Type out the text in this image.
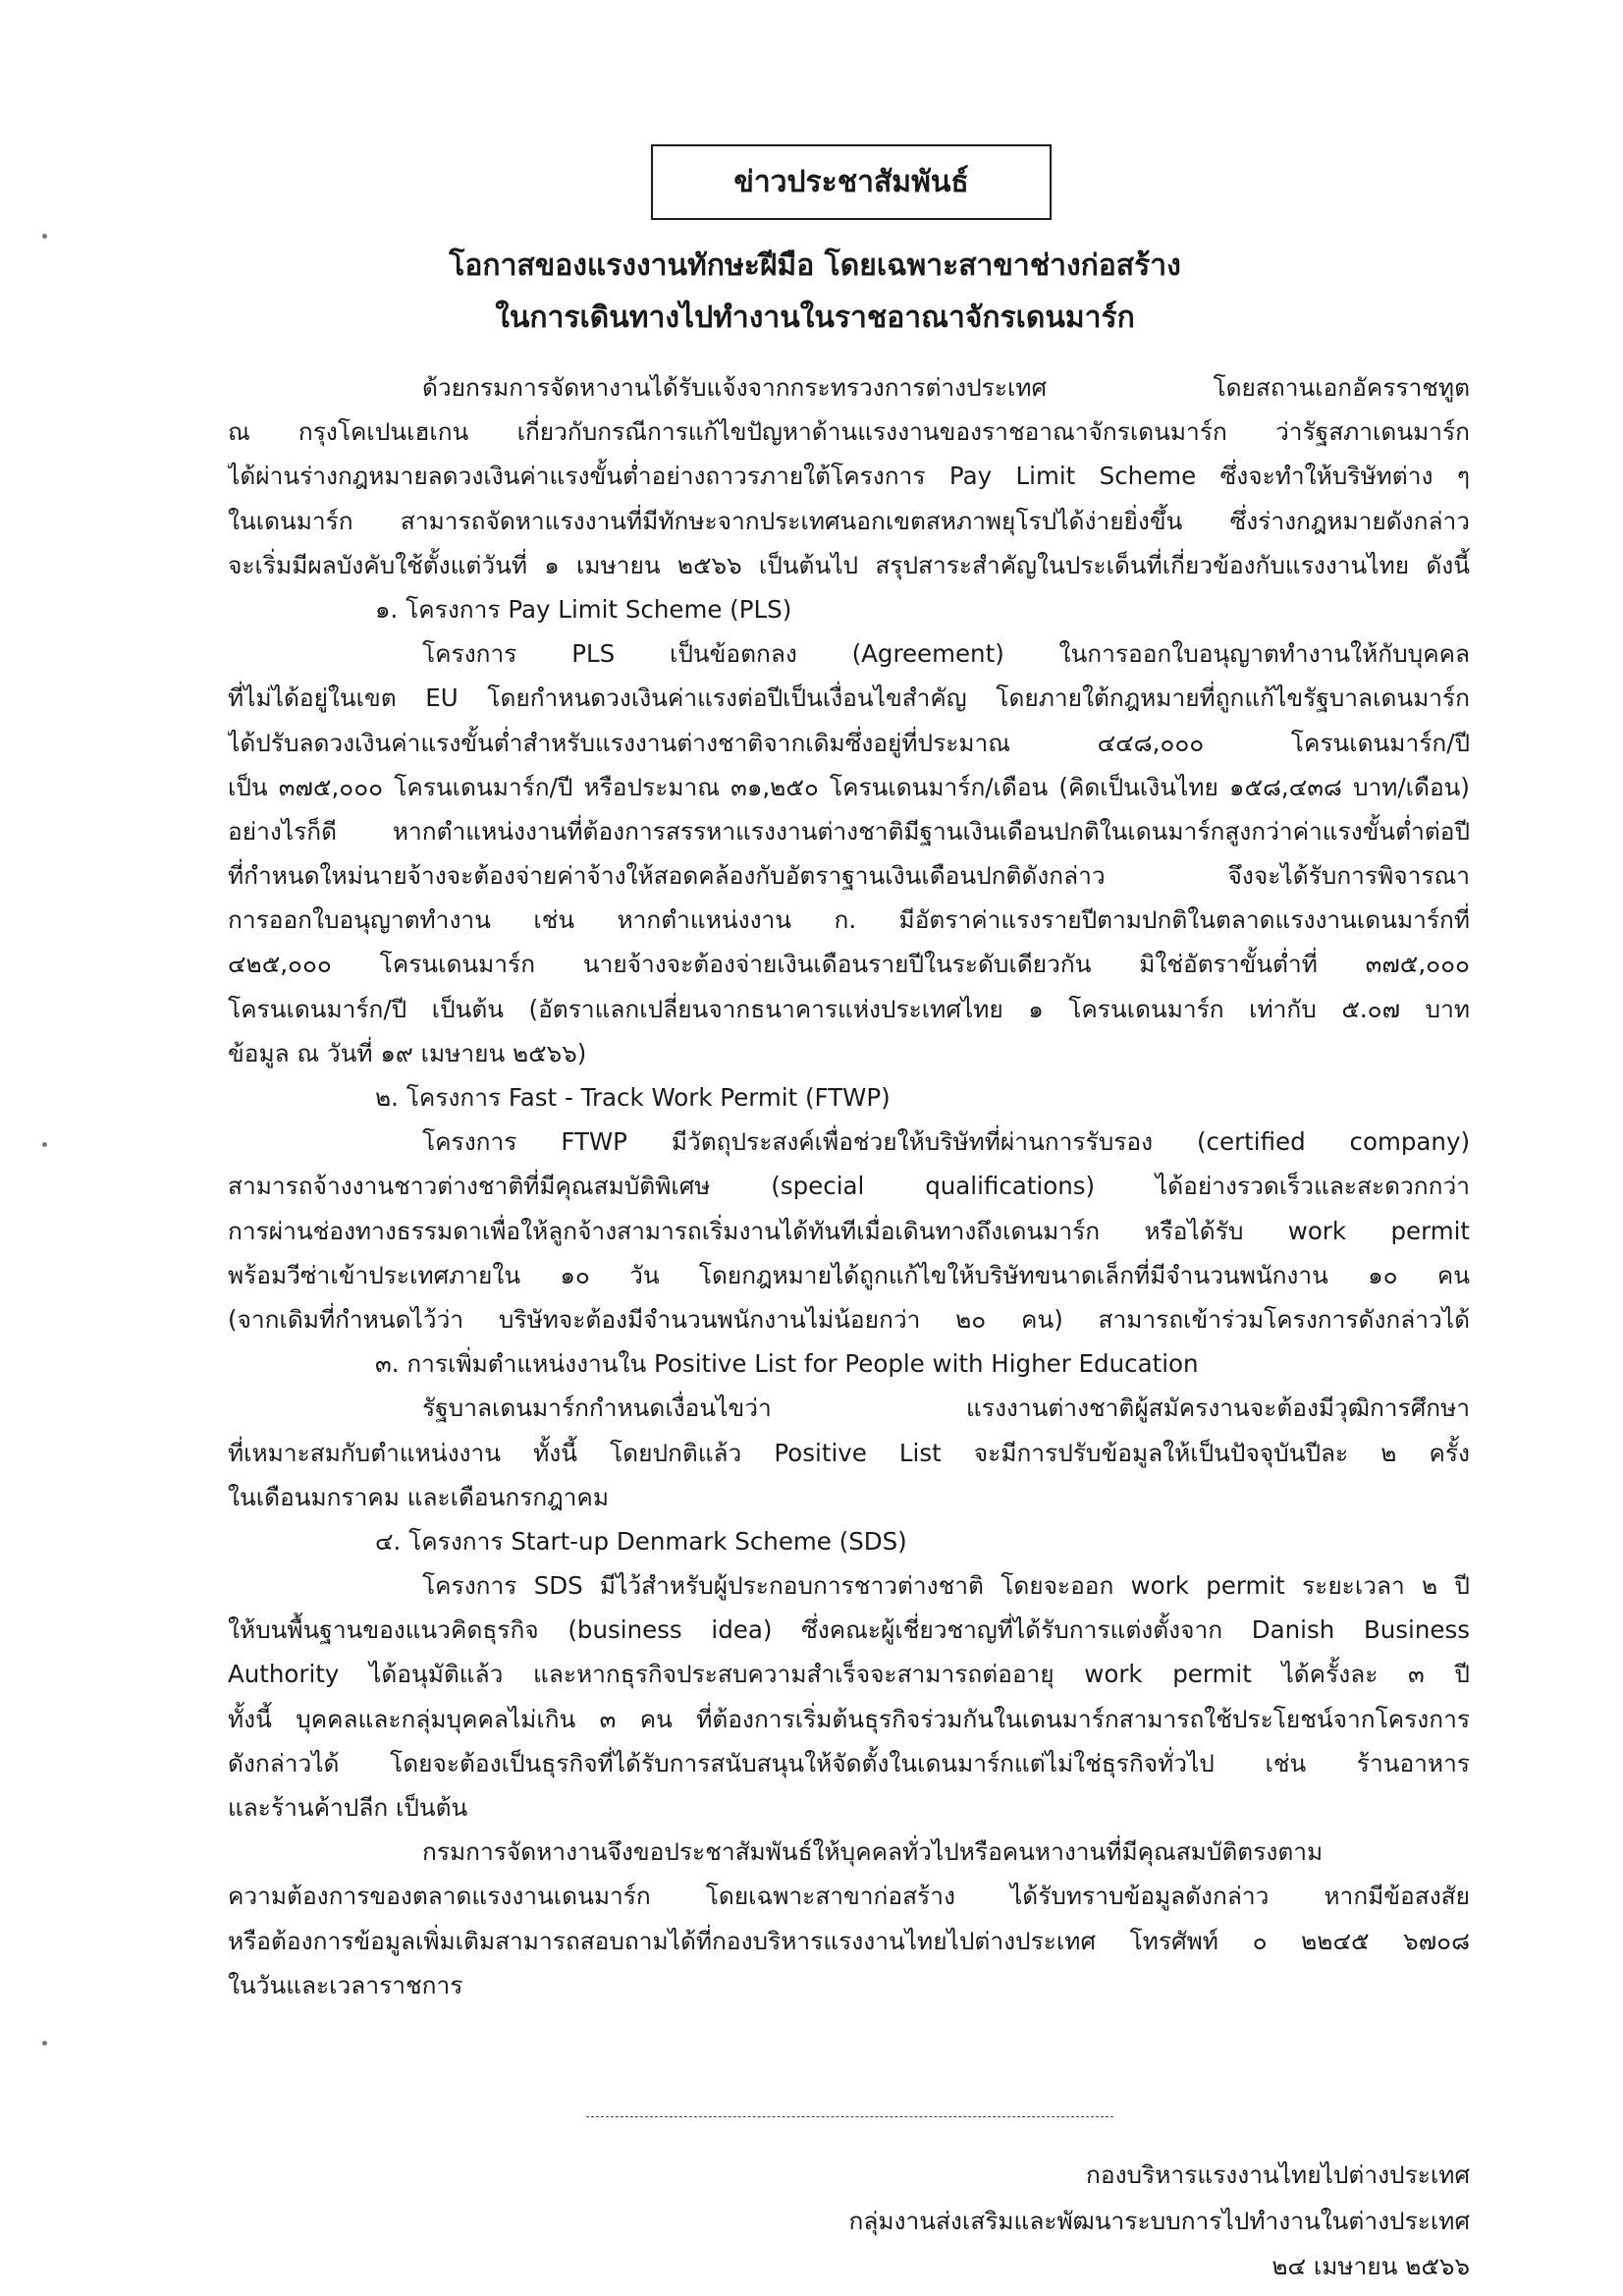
ข่าวประชาสัมพันธ์
โอกาสของแรงงานทักษะฝีมือ โดยเฉพาะสาขาช่างก่อสร้าง
ในการเดินทางไปทำงานในราชอาณาจักรเดนมาร์ก
ด้วยกรมการจัดหางานได้รับแจ้งจากกระทรวงการต่างประเทศ โดยสถานเอกอัครราชทูต
ณ กรุงโคเปนเฮเกน เกี่ยวกับกรณีการแก้ไขปัญหาด้านแรงงานของราชอาณาจักรเดนมาร์ก ว่ารัฐสภาเดนมาร์ก
ได้ผ่านร่างกฎหมายลดวงเงินค่าแรงขั้นต่ำอย่างถาวรภายใต้โครงการ Pay Limit Scheme ซึ่งจะทำให้บริษัทต่าง ๆ
ในเดนมาร์ก สามารถจัดหาแรงงานที่มีทักษะจากประเทศนอกเขตสหภาพยุโรปได้ง่ายยิ่งขึ้น ซึ่งร่างกฎหมายดังกล่าว
จะเริ่มมีผลบังคับใช้ตั้งแต่วันที่ ๑ เมษายน ๒๕๖๖ เป็นต้นไป สรุปสาระสำคัญในประเด็นที่เกี่ยวข้องกับแรงงานไทย ดังนี้
๑. โครงการ Pay Limit Scheme (PLS)
โครงการ PLS เป็นข้อตกลง (Agreement) ในการออกใบอนุญาตทำงานให้กับบุคคล
ที่ไม่ได้อยู่ในเขต EU โดยกำหนดวงเงินค่าแรงต่อปีเป็นเงื่อนไขสำคัญ โดยภายใต้กฎหมายที่ถูกแก้ไขรัฐบาลเดนมาร์ก
ได้ปรับลดวงเงินค่าแรงขั้นต่ำสำหรับแรงงานต่างชาติจากเดิมซึ่งอยู่ที่ประมาณ ๔๔๘,๐๐๐ โครนเดนมาร์ก/ปี
เป็น ๓๗๕,๐๐๐ โครนเดนมาร์ก/ปี หรือประมาณ ๓๑,๒๕๐ โครนเดนมาร์ก/เดือน (คิดเป็นเงินไทย ๑๕๘,๔๓๘ บาท/เดือน)
อย่างไรก็ดี หากตำแหน่งงานที่ต้องการสรรหาแรงงานต่างชาติมีฐานเงินเดือนปกติในเดนมาร์กสูงกว่าค่าแรงขั้นต่ำต่อปี
ที่กำหนดใหม่นายจ้างจะต้องจ่ายค่าจ้างให้สอดคล้องกับอัตราฐานเงินเดือนปกติดังกล่าว จึงจะได้รับการพิจารณา
การออกใบอนุญาตทำงาน เช่น หากตำแหน่งงาน ก. มีอัตราค่าแรงรายปีตามปกติในตลาดแรงงานเดนมาร์กที่
๔๒๕,๐๐๐ โครนเดนมาร์ก นายจ้างจะต้องจ่ายเงินเดือนรายปีในระดับเดียวกัน มิใช่อัตราขั้นต่ำที่ ๓๗๕,๐๐๐
โครนเดนมาร์ก/ปี เป็นต้น (อัตราแลกเปลี่ยนจากธนาคารแห่งประเทศไทย ๑ โครนเดนมาร์ก เท่ากับ ๕.๐๗ บาท
ข้อมูล ณ วันที่ ๑๙ เมษายน ๒๕๖๖)
๒. โครงการ Fast - Track Work Permit (FTWP)
โครงการ FTWP มีวัตถุประสงค์เพื่อช่วยให้บริษัทที่ผ่านการรับรอง (certified company)
สามารถจ้างงานชาวต่างชาติที่มีคุณสมบัติพิเศษ (special qualifications) ได้อย่างรวดเร็วและสะดวกกว่า
การผ่านช่องทางธรรมดาเพื่อให้ลูกจ้างสามารถเริ่มงานได้ทันทีเมื่อเดินทางถึงเดนมาร์ก หรือได้รับ work permit
พร้อมวีซ่าเข้าประเทศภายใน ๑๐ วัน โดยกฎหมายได้ถูกแก้ไขให้บริษัทขนาดเล็กที่มีจำนวนพนักงาน ๑๐ คน
(จากเดิมที่กำหนดไว้ว่า บริษัทจะต้องมีจำนวนพนักงานไม่น้อยกว่า ๒๐ คน) สามารถเข้าร่วมโครงการดังกล่าวได้
๓. การเพิ่มตำแหน่งงานใน Positive List for People with Higher Education
รัฐบาลเดนมาร์กกำหนดเงื่อนไขว่า แรงงานต่างชาติผู้สมัครงานจะต้องมีวุฒิการศึกษา
ที่เหมาะสมกับตำแหน่งงาน ทั้งนี้ โดยปกติแล้ว Positive List จะมีการปรับข้อมูลให้เป็นปัจจุบันปีละ ๒ ครั้ง
ในเดือนมกราคม และเดือนกรกฎาคม
๔. โครงการ Start-up Denmark Scheme (SDS)
โครงการ SDS มีไว้สำหรับผู้ประกอบการชาวต่างชาติ โดยจะออก work permit ระยะเวลา ๒ ปี
ให้บนพื้นฐานของแนวคิดธุรกิจ (business idea) ซึ่งคณะผู้เชี่ยวชาญที่ได้รับการแต่งตั้งจาก Danish Business
Authority ได้อนุมัติแล้ว และหากธุรกิจประสบความสำเร็จจะสามารถต่ออายุ work permit ได้ครั้งละ ๓ ปี
ทั้งนี้ บุคคลและกลุ่มบุคคลไม่เกิน ๓ คน ที่ต้องการเริ่มต้นธุรกิจร่วมกันในเดนมาร์กสามารถใช้ประโยชน์จากโครงการ
ดังกล่าวได้ โดยจะต้องเป็นธุรกิจที่ได้รับการสนับสนุนให้จัดตั้งในเดนมาร์กแต่ไม่ใช่ธุรกิจทั่วไป เช่น ร้านอาหาร
และร้านค้าปลีก เป็นต้น
กรมการจัดหางานจึงขอประชาสัมพันธ์ให้บุคคลทั่วไปหรือคนหางานที่มีคุณสมบัติตรงตาม
ความต้องการของตลาดแรงงานเดนมาร์ก โดยเฉพาะสาขาก่อสร้าง ได้รับทราบข้อมูลดังกล่าว หากมีข้อสงสัย
หรือต้องการข้อมูลเพิ่มเติมสามารถสอบถามได้ที่กองบริหารแรงงานไทยไปต่างประเทศ โทรศัพท์ ๐ ๒๒๔๕ ๖๗๐๘
ในวันและเวลาราชการ
กองบริหารแรงงานไทยไปต่างประเทศ
กลุ่มงานส่งเสริมและพัฒนาระบบการไปทำงานในต่างประเทศ
๒๔ เมษายน ๒๕๖๖
